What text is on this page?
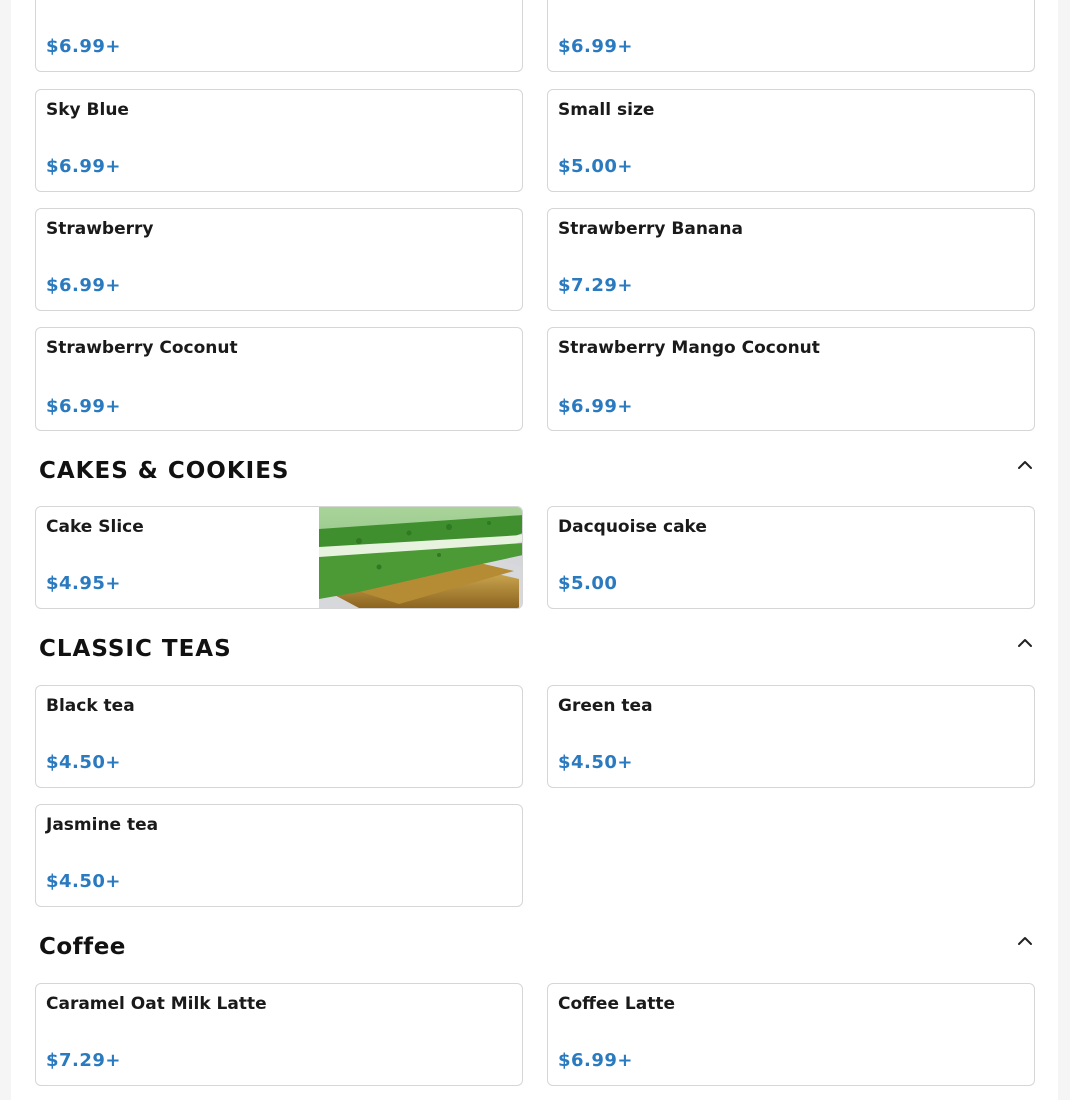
$6.99+	$6.99+
Sky Blue
$6.99+
Small size
$5.00+
Strawberry
$6.99+
Strawberry Banana
$7.29+
Strawberry Coconut
$6.99+
Strawberry Mango Coconut
$6.99+
CAKES & COOKIES
Cake Slice
$4.95+
Dacquoise cake
$5.00
CLASSIC TEAS
Black tea
$4.50+
Green tea
$4.50+
Jasmine tea
$4.50+
Coffee
Caramel Oat Milk Latte
$7.29+
Coffee Latte
$6.99+
